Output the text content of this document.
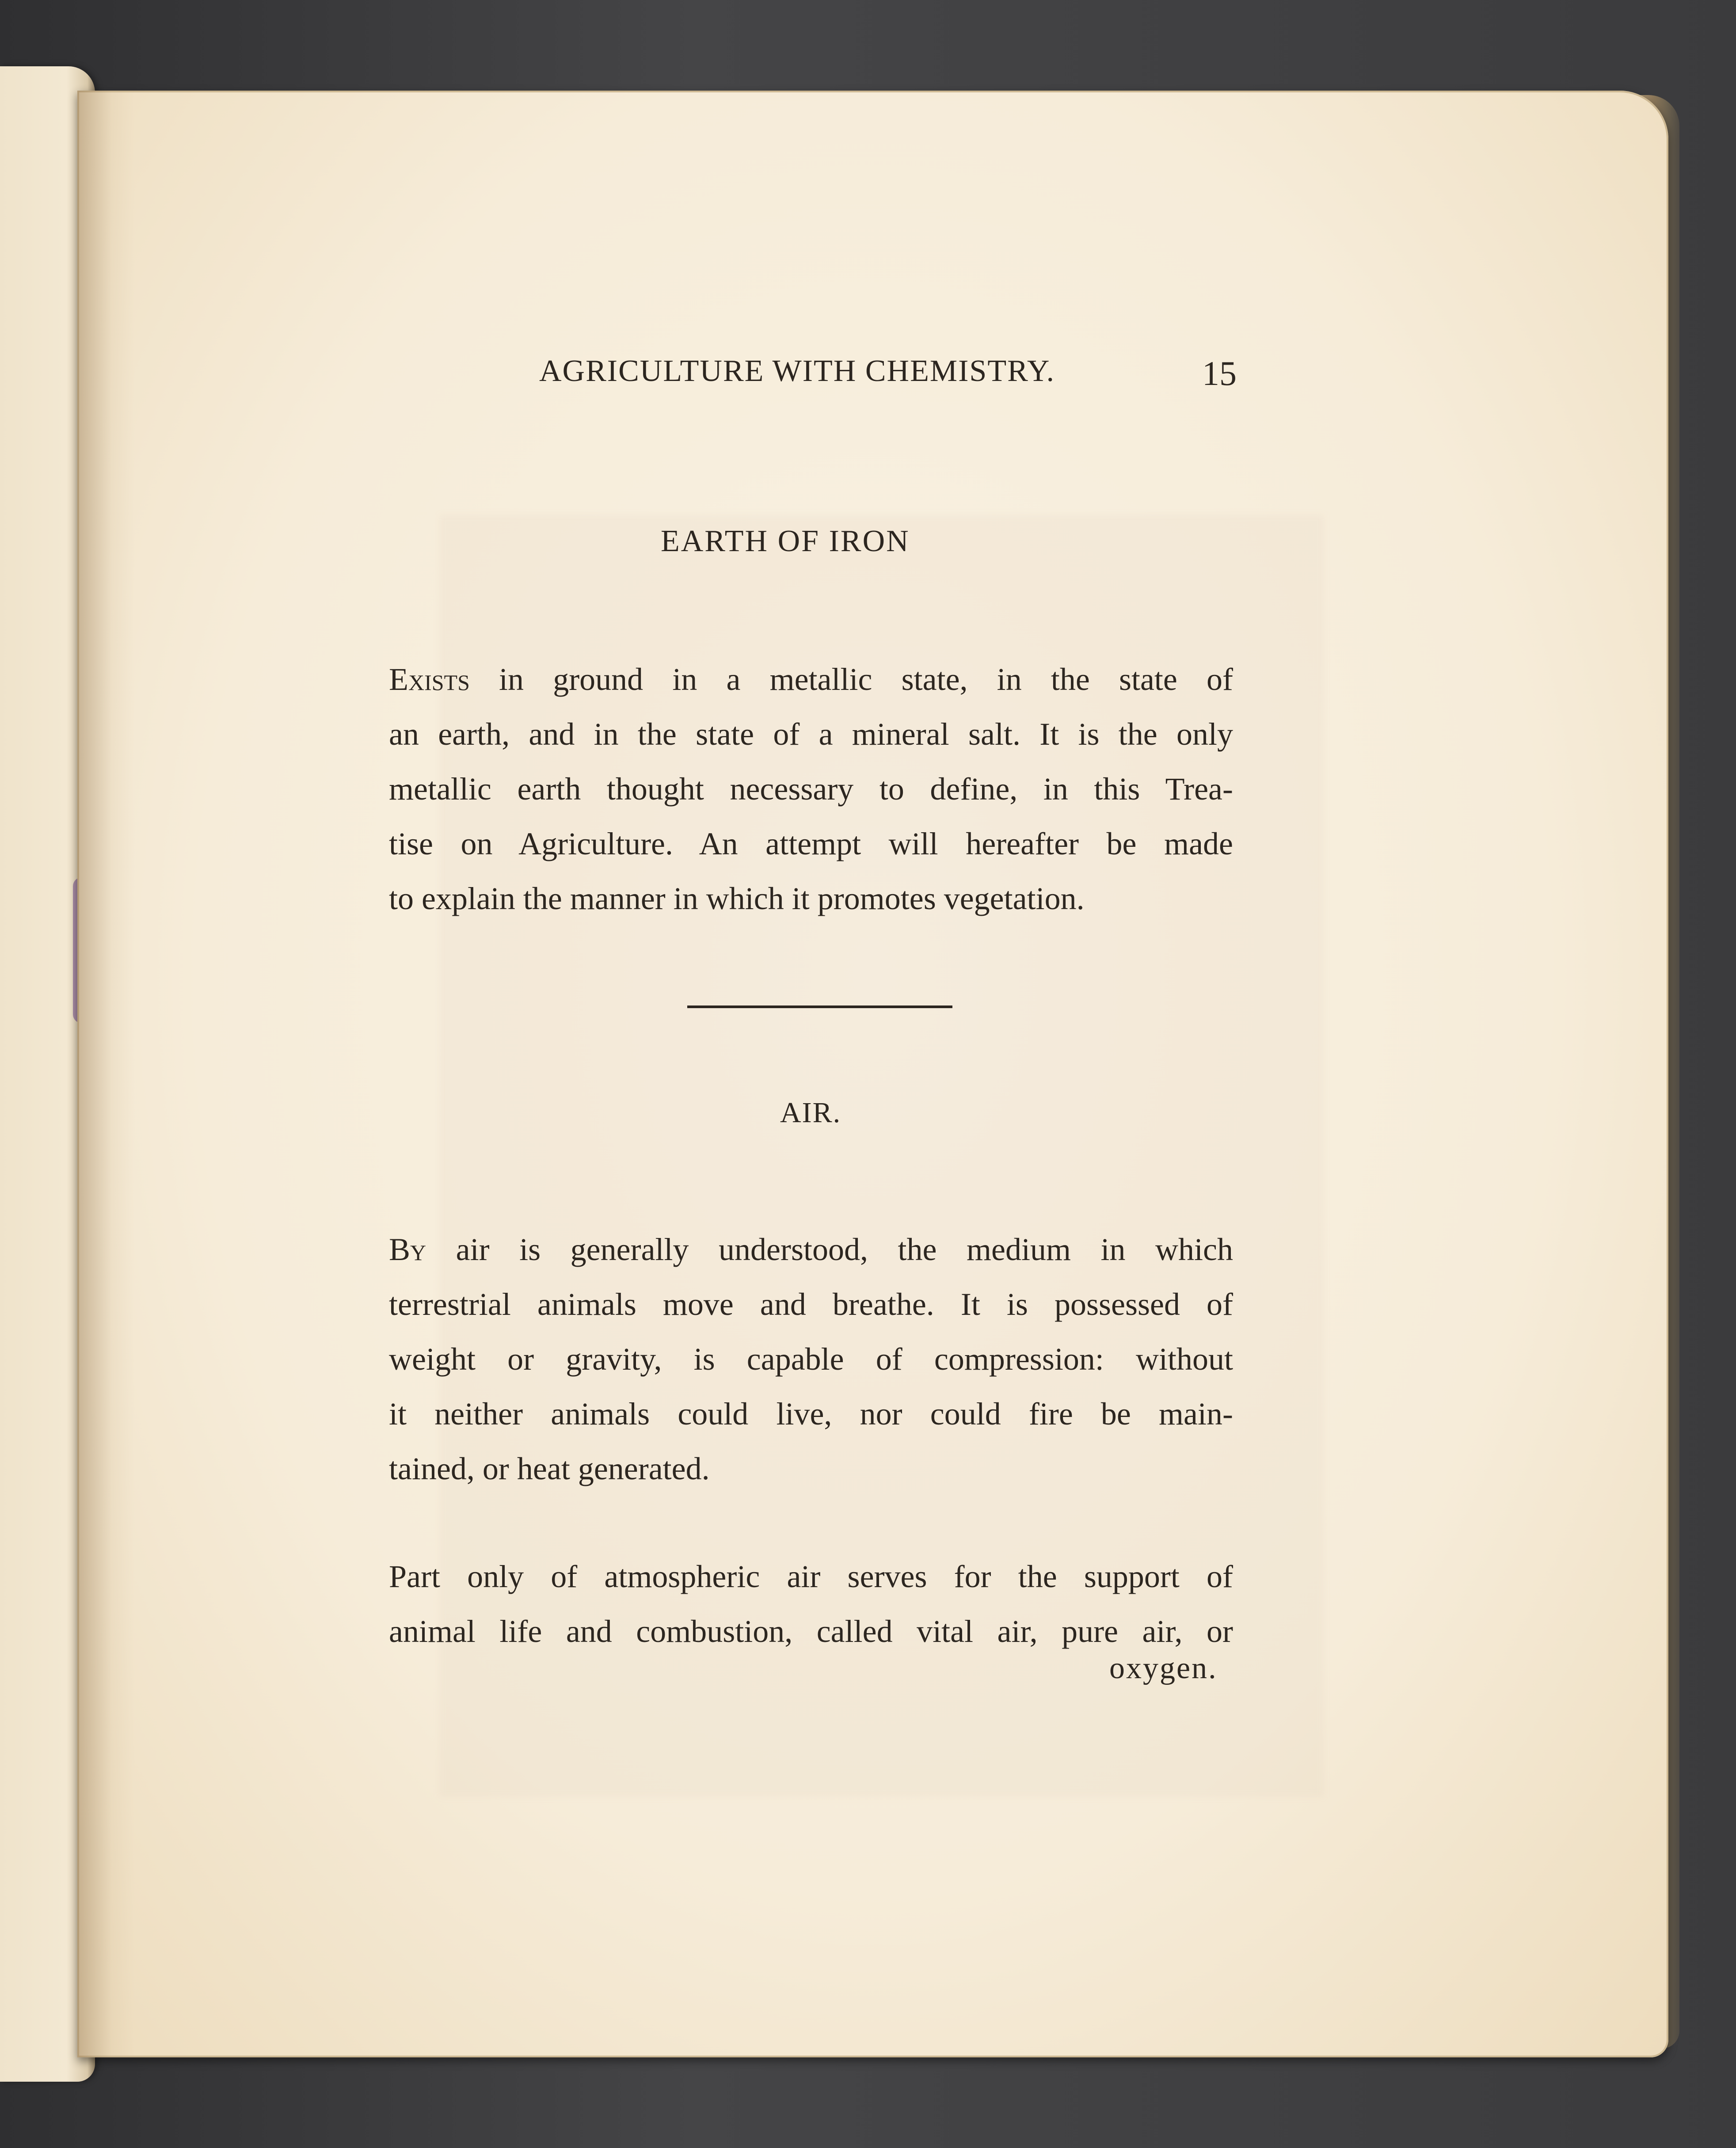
AGRICULTURE WITH CHEMISTRY.	15
EARTH OF IRON
Exists in ground in a metallic state, in the state of
an earth, and in the state of a mineral salt. It is the only
metallic earth thought necessary to define, in this Trea-
tise on Agriculture. An attempt will hereafter be made
to explain the manner in which it promotes vegetation.
AIR.
By air is generally understood, the medium in which
terrestrial animals move and breathe. It is possessed of
weight or gravity, is capable of compression: without
it neither animals could live, nor could fire be main-
tained, or heat generated.
Part only of atmospheric air serves for the support of
animal life and combustion, called vital air, pure air, or
oxygen.
